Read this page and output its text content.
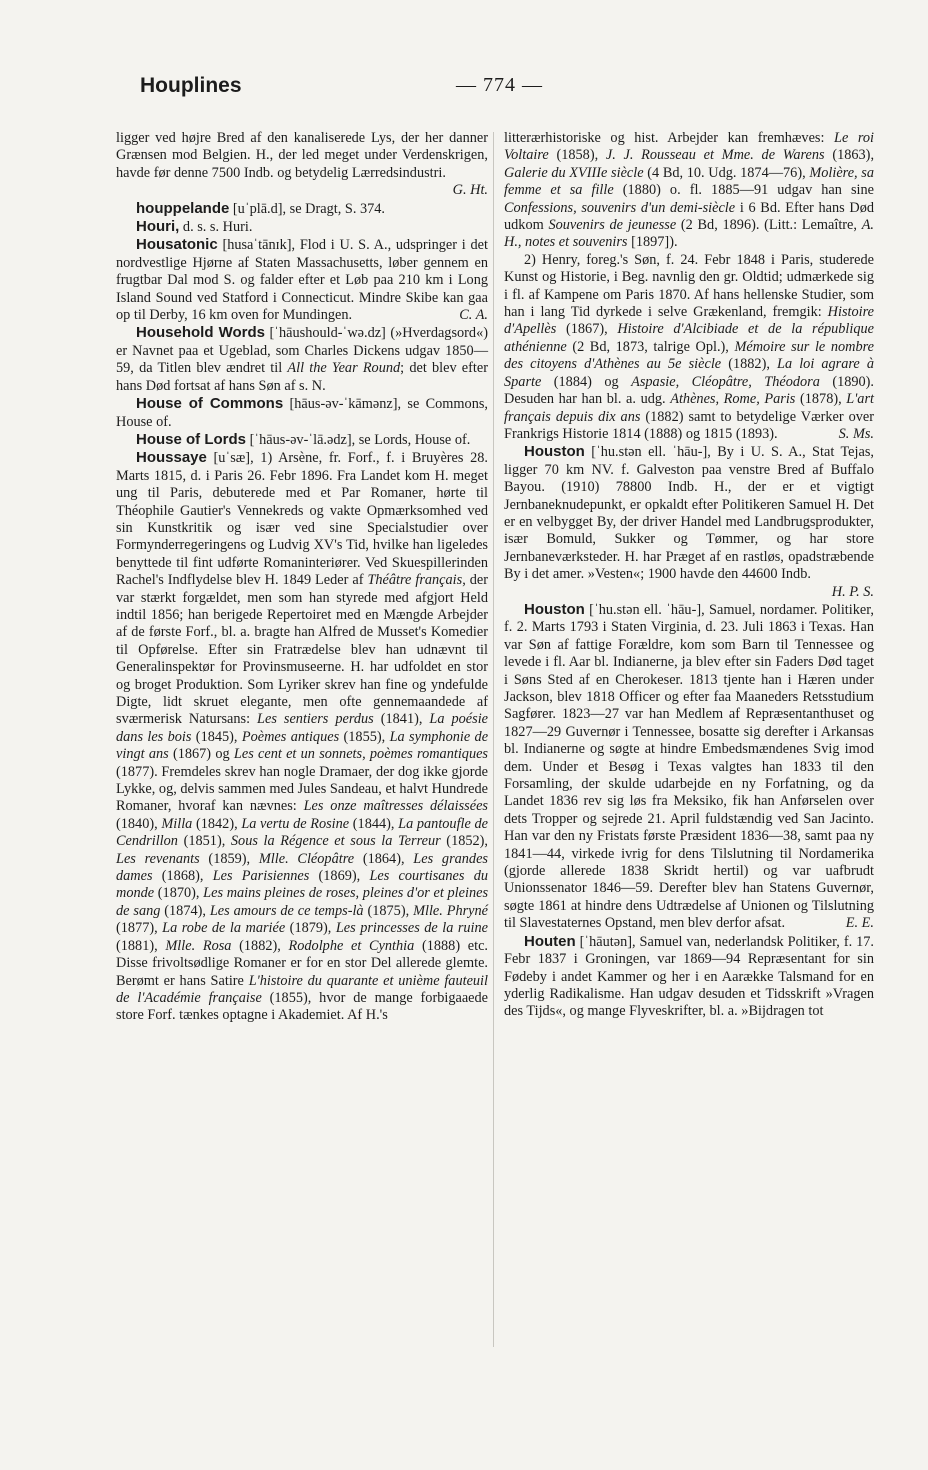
Houplines	— 774 —

ligger ved højre Bred af den kanaliserede Lys, der her danner Grænsen mod Belgien. H., der led meget under Verdenskrigen, havde før denne 7500 Indb. og betydelig Lærredsindustri.
G. Ht.

houppelande [uˈplā.d], se Dragt, S. 374.

Houri, d. s. s. Huri.

Housatonic [husaˈtānɪk], Flod i U. S. A., udspringer i det nordvestlige Hjørne af Staten Massachusetts, løber gennem en frugtbar Dal mod S. og falder efter et Løb paa 210 km i Long Island Sound ved Statford i Connecticut. Mindre Skibe kan gaa op til Derby, 16 km oven for Mundingen.	C. A.

Household Words [ˈhāushould-ˈwə.dz] (»Hverdagsord«) er Navnet paa et Ugeblad, som Charles Dickens udgav 1850—59, da Titlen blev ændret til All the Year Round; det blev efter hans Død fortsat af hans Søn af s. N.

House of Commons [hāus-əv-ˈkāmənz], se Commons, House of.

House of Lords [ˈhāus-əv-ˈlā.ədz], se Lords, House of.

Houssaye [uˈsæ], 1) Arsène, fr. Forf., f. i Bruyères 28. Marts 1815, d. i Paris 26. Febr 1896. Fra Landet kom H. meget ung til Paris, debuterede med et Par Romaner, hørte til Théophile Gautier's Vennekreds og vakte Opmærksomhed ved sin Kunstkritik og især ved sine Specialstudier over Formynderregeringens og Ludvig XV's Tid, hvilke han ligeledes benyttede til fint udførte Romaninteriører. Ved Skuespillerinden Rachel's Indflydelse blev H. 1849 Leder af Théâtre français, der var stærkt forgældet, men som han styrede med afgjort Held indtil 1856; han berigede Repertoiret med en Mængde Arbejder af de første Forf., bl. a. bragte han Alfred de Musset's Komedier til Opførelse. Efter sin Fratrædelse blev han udnævnt til Generalinspektør for Provinsmuseerne. H. har udfoldet en stor og broget Produktion. Som Lyriker skrev han fine og yndefulde Digte, lidt skruet elegante, men ofte gennemaandede af sværmerisk Natursans: Les sentiers perdus (1841), La poésie dans les bois (1845), Poèmes antiques (1855), La symphonie de vingt ans (1867) og Les cent et un sonnets, poèmes romantiques (1877). Fremdeles skrev han nogle Dramaer, der dog ikke gjorde Lykke, og, delvis sammen med Jules Sandeau, et halvt Hundrede Romaner, hvoraf kan nævnes: Les onze maîtresses délaissées (1840), Milla (1842), La vertu de Rosine (1844), La pantoufle de Cendrillon (1851), Sous la Régence et sous la Terreur (1852), Les revenants (1859), Mlle. Cléopâtre (1864), Les grandes dames (1868), Les Parisiennes (1869), Les courtisanes du monde (1870), Les mains pleines de roses, pleines d'or et pleines de sang (1874), Les amours de ce temps-là (1875), Mlle. Phryné (1877), La robe de la mariée (1879), Les princesses de la ruine (1881), Mlle. Rosa (1882), Rodolphe et Cynthia (1888) etc. Disse frivoltsødlige Romaner er for en stor Del allerede glemte. Berømt er hans Satire L'histoire du quarante et unième fauteuil de l'Académie française (1855), hvor de mange forbigaaede store Forf. tænkes optagne i Akademiet. Af H.'s

litterærhistoriske og hist. Arbejder kan fremhæves: Le roi Voltaire (1858), J. J. Rousseau et Mme. de Warens (1863), Galerie du XVIIIe siècle (4 Bd, 10. Udg. 1874—76), Molière, sa femme et sa fille (1880) o. fl. 1885—91 udgav han sine Confessions, souvenirs d'un demi-siècle i 6 Bd. Efter hans Død udkom Souvenirs de jeunesse (2 Bd, 1896). (Litt.: Lemaître, A. H., notes et souvenirs [1897]).

2) Henry, foreg.'s Søn, f. 24. Febr 1848 i Paris, studerede Kunst og Historie, i Beg. navnlig den gr. Oldtid; udmærkede sig i fl. af Kampene om Paris 1870. Af hans hellenske Studier, som han i lang Tid dyrkede i selve Grækenland, fremgik: Histoire d'Apellès (1867), Histoire d'Alcibiade et de la république athénienne (2 Bd, 1873, talrige Opl.), Mémoire sur le nombre des citoyens d'Athènes au 5e siècle (1882), La loi agrare à Sparte (1884) og Aspasie, Cléopâtre, Théodora (1890). Desuden har han bl. a. udg. Athènes, Rome, Paris (1878), L'art français depuis dix ans (1882) samt to betydelige Værker over Frankrigs Historie 1814 (1888) og 1815 (1893).	S. Ms.

Houston [ˈhu.stən ell. ˈhāu-], By i U. S. A., Stat Tejas, ligger 70 km NV. f. Galveston paa venstre Bred af Buffalo Bayou. (1910) 78800 Indb. H., der er et vigtigt Jernbaneknudepunkt, er opkaldt efter Politikeren Samuel H. Det er en velbygget By, der driver Handel med Landbrugsprodukter, især Bomuld, Sukker og Tømmer, og har store Jernbaneværksteder. H. har Præget af en rastløs, opadstræbende By i det amer. »Vesten«; 1900 havde den 44600 Indb.
H. P. S.

Houston [ˈhu.stən ell. ˈhāu-], Samuel, nordamer. Politiker, f. 2. Marts 1793 i Staten Virginia, d. 23. Juli 1863 i Texas. Han var Søn af fattige Forældre, kom som Barn til Tennessee og levede i fl. Aar bl. Indianerne, ja blev efter sin Faders Død taget i Søns Sted af en Cherokeser. 1813 tjente han i Hæren under Jackson, blev 1818 Officer og efter faa Maaneders Retsstudium Sagfører. 1823—27 var han Medlem af Repræsentanthuset og 1827—29 Guvernør i Tennessee, bosatte sig derefter i Arkansas bl. Indianerne og søgte at hindre Embedsmændenes Svig imod dem. Under et Besøg i Texas valgtes han 1833 til den Forsamling, der skulde udarbejde en ny Forfatning, og da Landet 1836 rev sig løs fra Meksiko, fik han Anførselen over dets Tropper og sejrede 21. April fuldstændig ved San Jacinto. Han var den ny Fristats første Præsident 1836—38, samt paa ny 1841—44, virkede ivrig for dens Tilslutning til Nordamerika (gjorde allerede 1838 Skridt hertil) og var uafbrudt Unionssenator 1846—59. Derefter blev han Statens Guvernør, søgte 1861 at hindre dens Udtrædelse af Unionen og Tilslutning til Slavestaternes Opstand, men blev derfor afsat.	E. E.

Houten [ˈhāutən], Samuel van, nederlandsk Politiker, f. 17. Febr 1837 i Groningen, var 1869—94 Repræsentant for sin Fødeby i andet Kammer og her i en Aarække Talsmand for en yderlig Radikalisme. Han udgav desuden et Tidsskrift »Vragen des Tijds«, og mange Flyveskrifter, bl. a. »Bijdragen tot
